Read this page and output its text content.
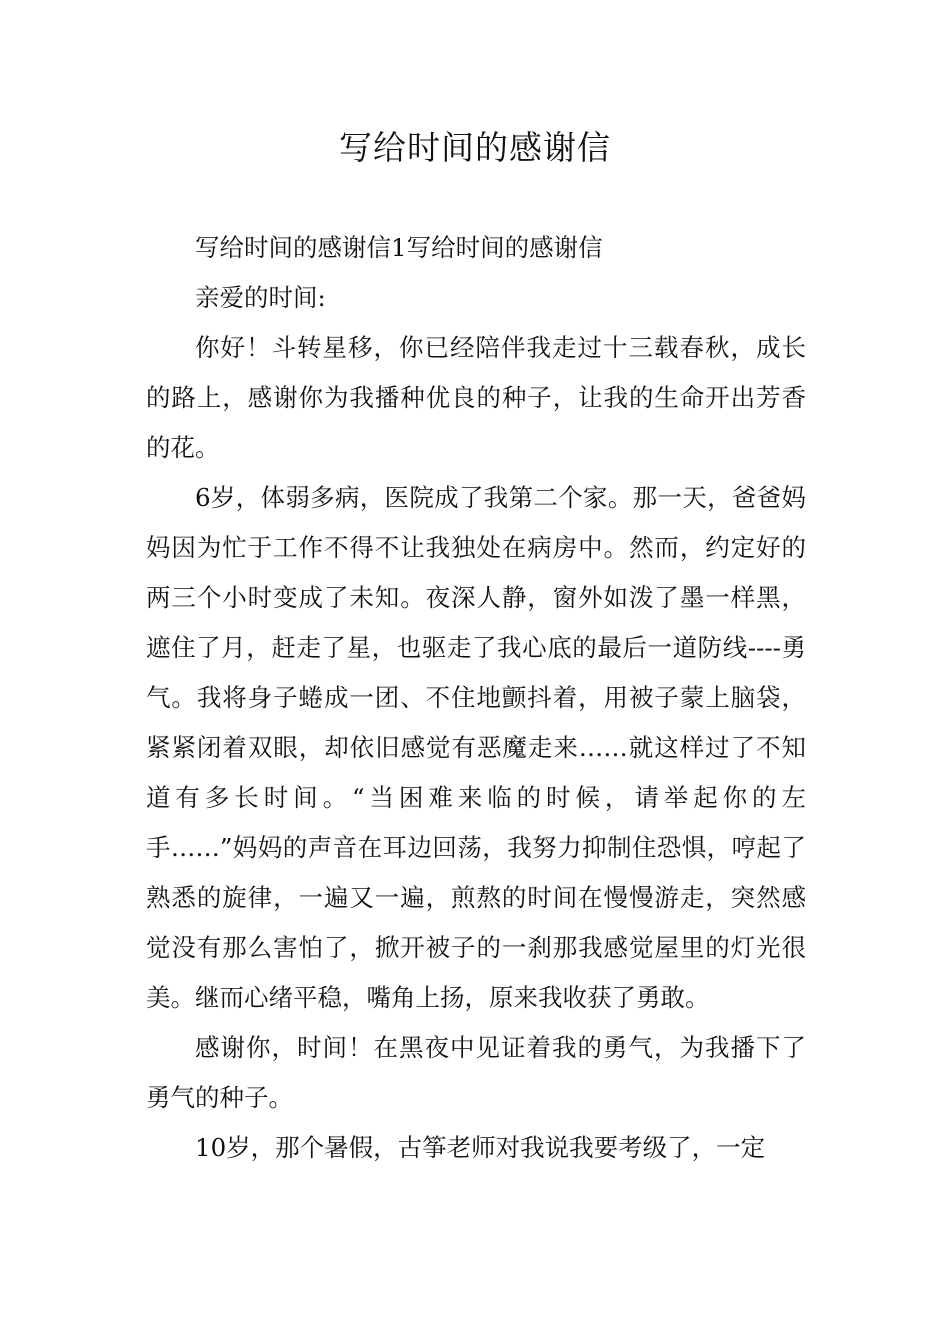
写给时间的感谢信

写给时间的感谢信1写给时间的感谢信

亲爱的时间:

你好！斗转星移，你已经陪伴我走过十三载春秋，成长的路上，感谢你为我播种优良的种子，让我的生命开出芳香的花。

6岁，体弱多病，医院成了我第二个家。那一天，爸爸妈妈因为忙于工作不得不让我独处在病房中。然而，约定好的两三个小时变成了未知。夜深人静，窗外如泼了墨一样黑，遮住了月，赶走了星，也驱走了我心底的最后一道防线----勇气。我将身子蜷成一团、不住地颤抖着，用被子蒙上脑袋，紧紧闭着双眼，却依旧感觉有恶魔走来……就这样过了不知道有多长时间。“当困难来临的时候，请举起你的左手……”妈妈的声音在耳边回荡，我努力抑制住恐惧，哼起了熟悉的旋律，一遍又一遍，煎熬的时间在慢慢游走，突然感觉没有那么害怕了，掀开被子的一刹那我感觉屋里的灯光很美。继而心绪平稳，嘴角上扬，原来我收获了勇敢。

感谢你，时间！在黑夜中见证着我的勇气，为我播下了勇气的种子。

10岁，那个暑假，古筝老师对我说我要考级了，一定
